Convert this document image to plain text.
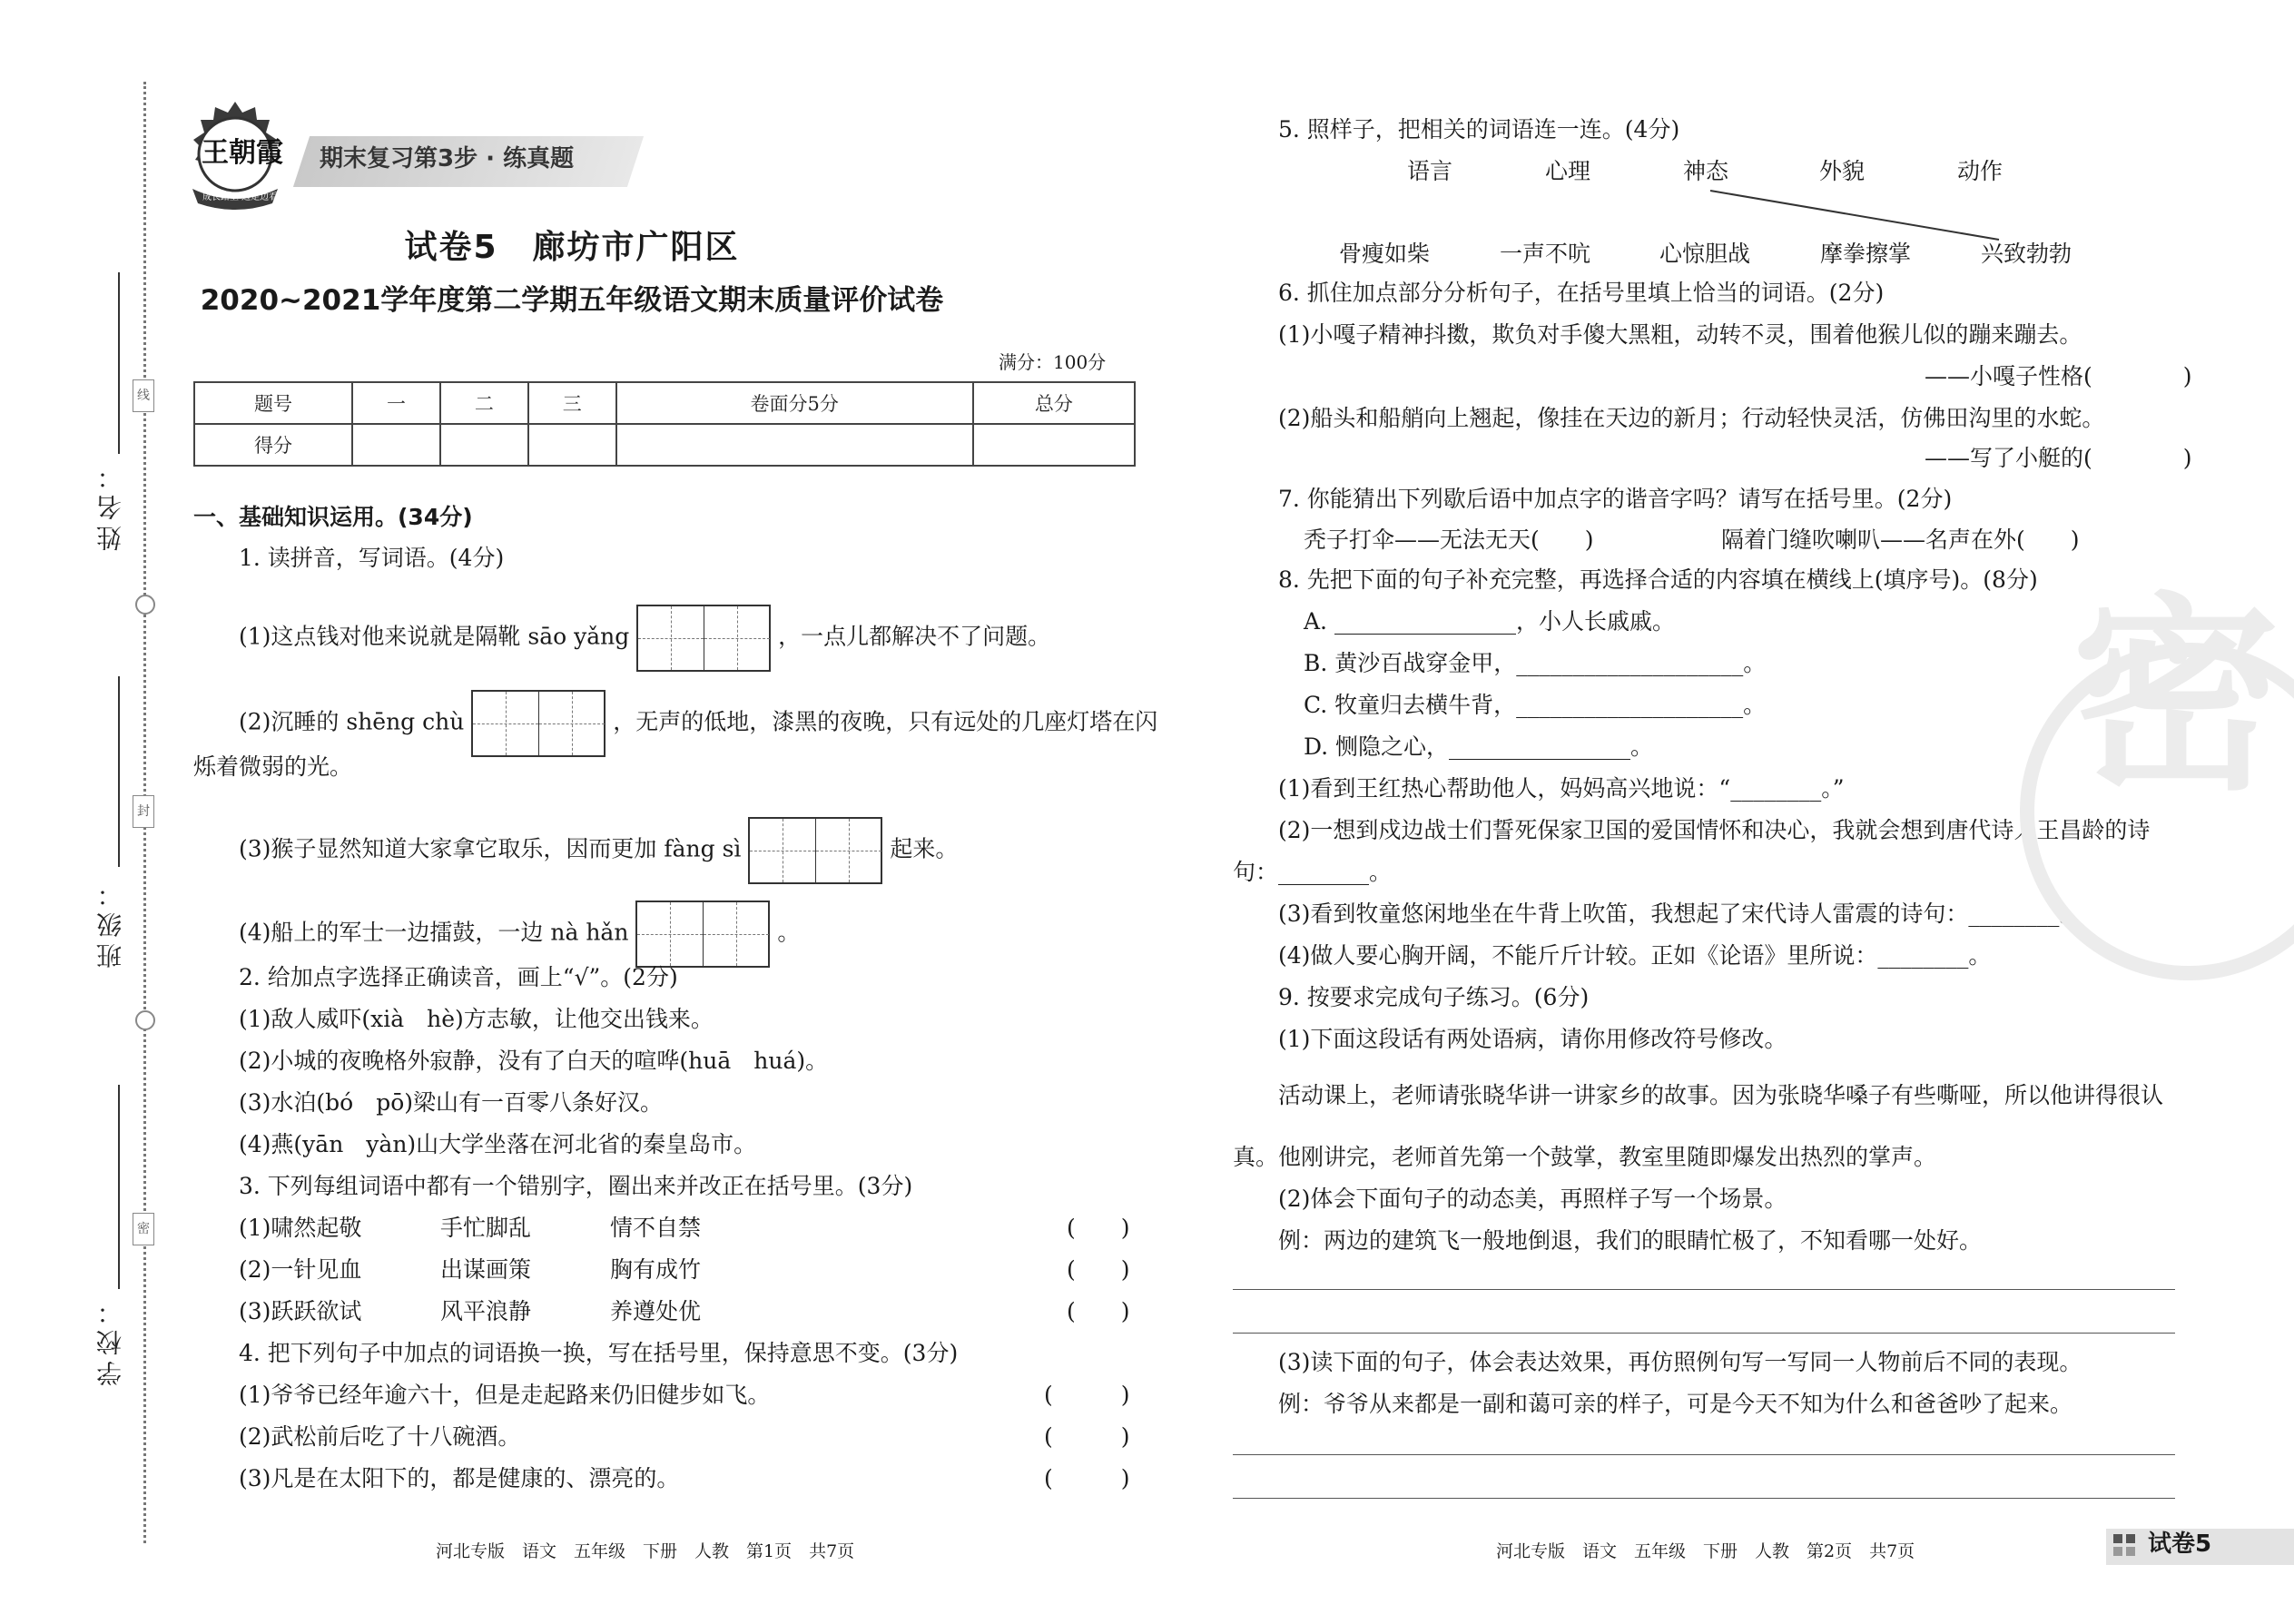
姓名：
班级：
学校：
线
封
密
王朝霞
成长路上 边走边看
期末复习第3步 · 练真题
试卷5　廊坊市广阳区
2020~2021学年度第二学期五年级语文期末质量评价试卷
满分：100分
题号	一	二	三	卷面分5分	总分
得分					
一、基础知识运用。(34分)
1. 读拼音，写词语。(4分)
(1)这点钱对他来说就是隔靴 sāo yǎng	，一点儿都解决不了问题。
(2)沉睡的 shēng chù	，无声的低地，漆黑的夜晚，只有远处的几座灯塔在闪
烁着微弱的光。
(3)猴子显然知道大家拿它取乐，因而更加 fàng sì	起来。
(4)船上的军士一边擂鼓，一边 nà hǎn	。
2. 给加点字选择正确读音，画上“√”。(2分)
(1)敌人威吓(xià　hè)方志敏，让他交出钱来。
(2)小城的夜晚格外寂静，没有了白天的喧哗(huā　huá)。
(3)水泊(bó　pō)梁山有一百零八条好汉。
(4)燕(yān　yàn)山大学坐落在河北省的秦皇岛市。
3. 下列每组词语中都有一个错别字，圈出来并改正在括号里。(3分)
(1)啸然起敬	手忙脚乱	情不自禁	(　　)
(2)一针见血	出谋画策	胸有成竹	(　　)
(3)跃跃欲试	风平浪静	养遵处优	(　　)
4. 把下列句子中加点的词语换一换，写在括号里，保持意思不变。(3分)
(1)爷爷已经年逾六十，但是走起路来仍旧健步如飞。	(　　　)
(2)武松前后吃了十八碗酒。	(　　　)
(3)凡是在太阳下的，都是健康的、漂亮的。	(　　　)
河北专版　语文　五年级　下册　人教　第1页　共7页
5. 照样子，把相关的词语连一连。(4分)
语言	心理	神态	外貌	动作
骨瘦如柴	一声不吭	心惊胆战	摩拳擦掌	兴致勃勃
6. 抓住加点部分分析句子，在括号里填上恰当的词语。(2分)
(1)小嘎子精神抖擞，欺负对手傻大黑粗，动转不灵，围着他猴儿似的蹦来蹦去。
——小嘎子性格(　　　　)
(2)船头和船艄向上翘起，像挂在天边的新月；行动轻快灵活，仿佛田沟里的水蛇。
——写了小艇的(　　　　)
7. 你能猜出下列歇后语中加点字的谐音字吗？请写在括号里。(2分)
秃子打伞——无法无天(　　)	隔着门缝吹喇叭——名声在外(　　)
8. 先把下面的句子补充完整，再选择合适的内容填在横线上(填序号)。(8分)
A. ________________，小人长戚戚。
B. 黄沙百战穿金甲，____________________。
C. 牧童归去横牛背，____________________。
D. 恻隐之心，________________。
(1)看到王红热心帮助他人，妈妈高兴地说：“________。”
(2)一想到戍边战士们誓死保家卫国的爱国情怀和决心，我就会想到唐代诗人王昌龄的诗
句：________。
(3)看到牧童悠闲地坐在牛背上吹笛，我想起了宋代诗人雷震的诗句：________。
(4)做人要心胸开阔，不能斤斤计较。正如《论语》里所说：________。
9. 按要求完成句子练习。(6分)
(1)下面这段话有两处语病，请你用修改符号修改。
活动课上，老师请张晓华讲一讲家乡的故事。因为张晓华嗓子有些嘶哑，所以他讲得很认
真。他刚讲完，老师首先第一个鼓掌，教室里随即爆发出热烈的掌声。
(2)体会下面句子的动态美，再照样子写一个场景。
例：两边的建筑飞一般地倒退，我们的眼睛忙极了，不知看哪一处好。
(3)读下面的句子，体会表达效果，再仿照例句写一写同一人物前后不同的表现。
例：爷爷从来都是一副和蔼可亲的样子，可是今天不知为什么和爸爸吵了起来。
河北专版　语文　五年级　下册　人教　第2页　共7页	试卷5
密
